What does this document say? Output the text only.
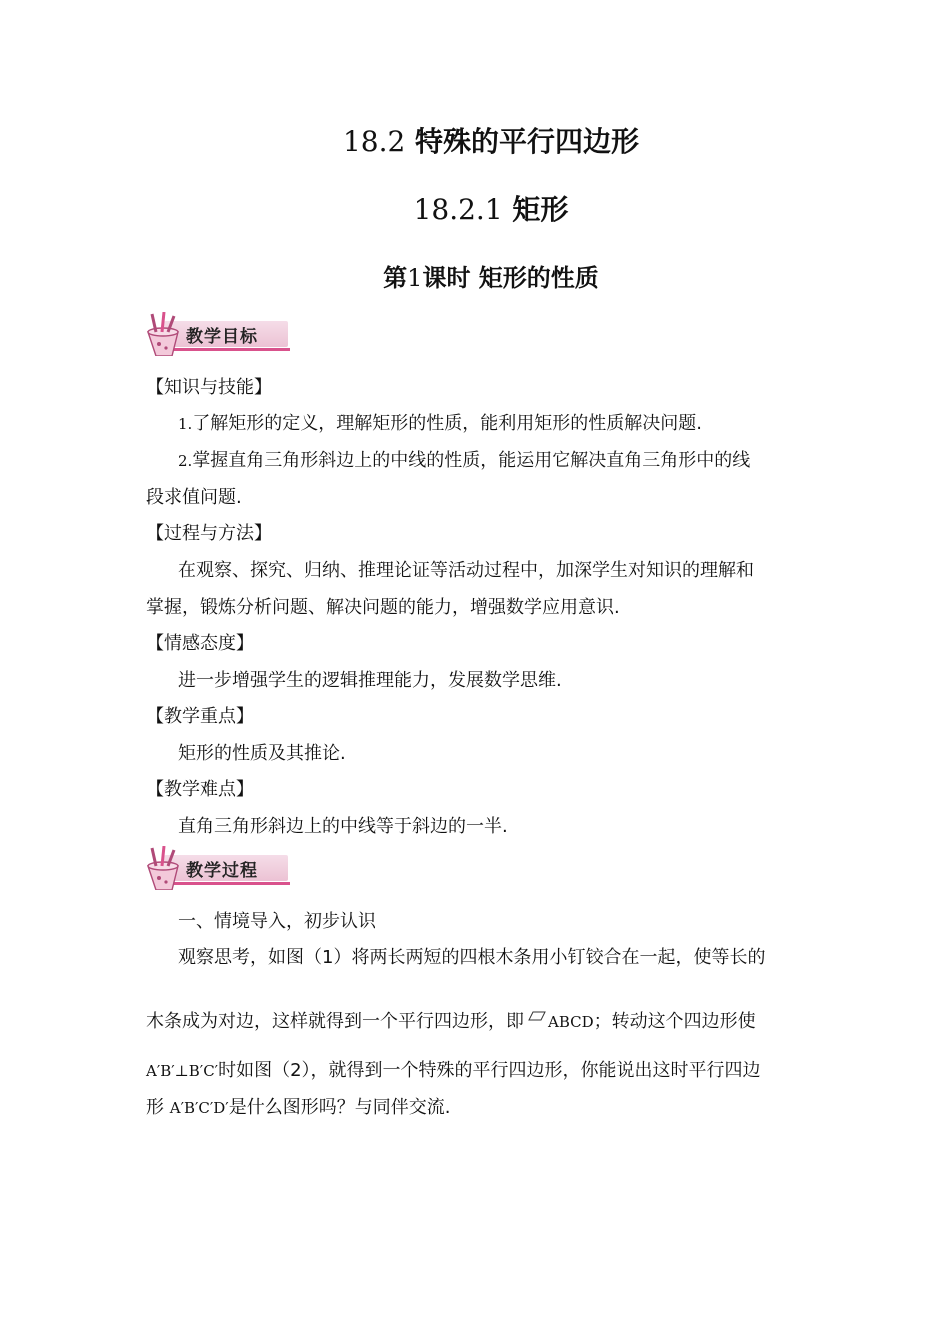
18.2 特殊的平行四边形
18.2.1 矩形
第1课时 矩形的性质
教学目标
【知识与技能】
1.了解矩形的定义，理解矩形的性质，能利用矩形的性质解决问题.
2.掌握直角三角形斜边上的中线的性质，能运用它解决直角三角形中的线
段求值问题.
【过程与方法】
在观察、探究、归纳、推理论证等活动过程中，加深学生对知识的理解和
掌握，锻炼分析问题、解决问题的能力，增强数学应用意识.
【情感态度】
进一步增强学生的逻辑推理能力，发展数学思维.
【教学重点】
矩形的性质及其推论.
【教学难点】
直角三角形斜边上的中线等于斜边的一半.
教学过程
一、情境导入，初步认识
观察思考，如图（1）将两长两短的四根木条用小钉铰合在一起，使等长的
木条成为对边，这样就得到一个平行四边形，即 ABCD；转动这个四边形使
A′B′⊥B′C′时如图（2），就得到一个特殊的平行四边形，你能说出这时平行四边
形 A′B′C′D′是什么图形吗？与同伴交流.
